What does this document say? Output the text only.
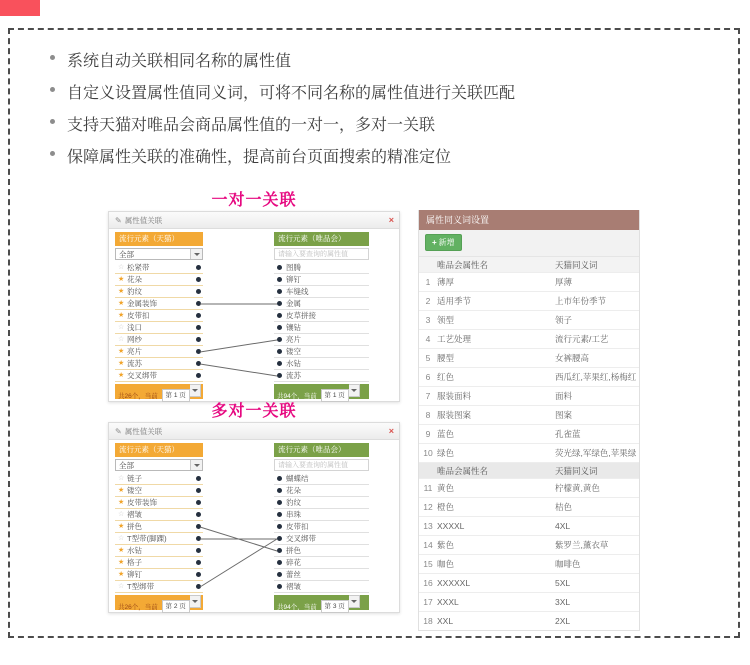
系统自动关联相同名称的属性值
自定义设置属性值同义词，可将不同名称的属性值进行关联匹配
支持天猫对唯品会商品属性值的一对一，多对一关联
保障属性关联的准确性，提高前台页面搜索的精准定位
一对一关联
✎ 属性值关联	×
流行元素（天猫）
全部
☆ 松紧带
★ 花朵
★ 豹纹
★ 金属装饰
★ 皮带扣
☆ 浅口
☆ 网纱
★ 亮片
★ 流苏
★ 交叉绑带
共26个，当前 第 1 页
流行元素（唯品会）
请输入要查询的属性值
图腾
铆钉
车缝线
金属
皮草拼接
镶钻
亮片
镂空
水钻
流苏
共94个，当前 第 1 页
多对一关联
✎ 属性值关联	×
流行元素（天猫）
全部
☆ 链子
★ 镂空
★ 皮带装饰
☆ 褶皱
★ 拼色
☆ T型带(脚踝)
★ 水钻
★ 格子
★ 铆钉
☆ T型绑带
共26个，当前 第 2 页
流行元素（唯品会）
请输入要查询的属性值
蝴蝶结
花朵
豹纹
串珠
皮带扣
交叉绑带
拼色
碎花
蕾丝
褶皱
共94个，当前 第 3 页
属性同义词设置
+ 新增
	唯品会属性名	天猫同义词
1	薄厚	厚薄
2	适用季节	上市年份季节
3	领型	领子
4	工艺处理	流行元素/工艺
5	腰型	女裤腰高
6	红色	西瓜红,苹果红,杨梅红
7	服装面料	面料
8	服装图案	图案
9	蓝色	孔雀蓝
10	绿色	荧光绿,军绿色,苹果绿
	唯品会属性名	天猫同义词
11	黄色	柠檬黄,黄色
12	橙色	桔色
13	XXXXL	4XL
14	紫色	紫罗兰,薰衣草
15	咖色	咖啡色
16	XXXXXL	5XL
17	XXXL	3XL
18	XXL	2XL
